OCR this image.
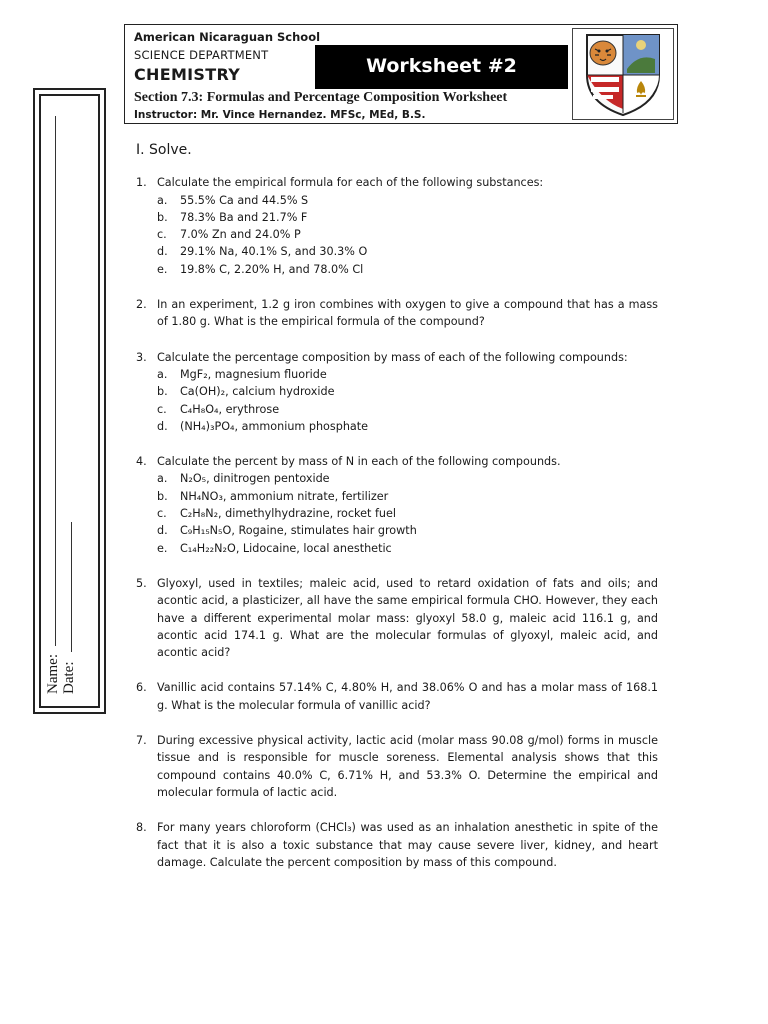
American Nicaraguan School
SCIENCE DEPARTMENT
CHEMISTRY	Worksheet #2
Section 7.3: Formulas and Percentage Composition Worksheet
Instructor: Mr. Vince Hernandez. MFSc, MEd, B.S.
Name: Date:
I. Solve.
1. Calculate the empirical formula for each of the following substances:
a. 55.5% Ca and 44.5% S
b. 78.3% Ba and 21.7% F
c. 7.0% Zn and 24.0% P
d. 29.1% Na, 40.1% S, and 30.3% O
e. 19.8% C, 2.20% H, and 78.0% Cl
2. In an experiment, 1.2 g iron combines with oxygen to give a compound that has a mass of 1.80 g. What is the empirical formula of the compound?
3. Calculate the percentage composition by mass of each of the following compounds:
a. MgF₂, magnesium fluoride
b. Ca(OH)₂, calcium hydroxide
c. C₄H₈O₄, erythrose
d. (NH₄)₃PO₄, ammonium phosphate
4. Calculate the percent by mass of N in each of the following compounds.
a. N₂O₅, dinitrogen pentoxide
b. NH₄NO₃, ammonium nitrate, fertilizer
c. C₂H₈N₂, dimethylhydrazine, rocket fuel
d. C₉H₁₅N₅O, Rogaine, stimulates hair growth
e. C₁₄H₂₂N₂O, Lidocaine, local anesthetic
5. Glyoxyl, used in textiles; maleic acid, used to retard oxidation of fats and oils; and acontic acid, a plasticizer, all have the same empirical formula CHO. However, they each have a different experimental molar mass: glyoxyl 58.0 g, maleic acid 116.1 g, and acontic acid 174.1 g. What are the molecular formulas of glyoxyl, maleic acid, and acontic acid?
6. Vanillic acid contains 57.14% C, 4.80% H, and 38.06% O and has a molar mass of 168.1 g. What is the molecular formula of vanillic acid?
7. During excessive physical activity, lactic acid (molar mass 90.08 g/mol) forms in muscle tissue and is responsible for muscle soreness. Elemental analysis shows that this compound contains 40.0% C, 6.71% H, and 53.3% O. Determine the empirical and molecular formula of lactic acid.
8. For many years chloroform (CHCl₃) was used as an inhalation anesthetic in spite of the fact that it is also a toxic substance that may cause severe liver, kidney, and heart damage. Calculate the percent composition by mass of this compound.
